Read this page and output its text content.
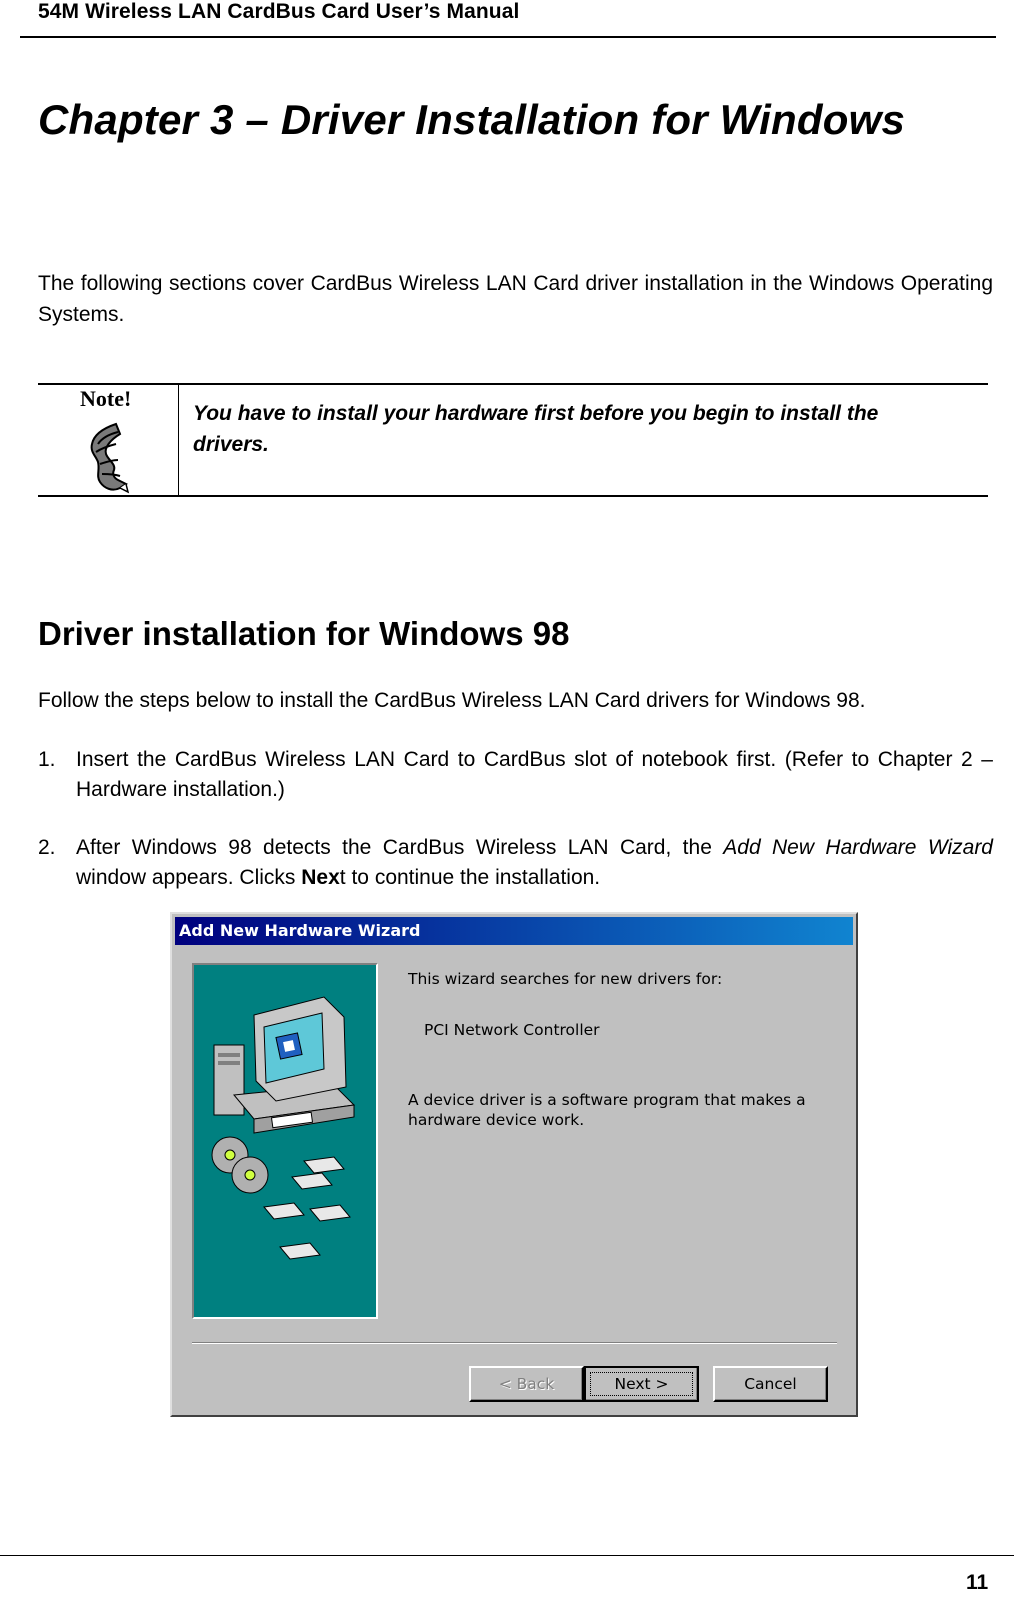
54M Wireless LAN CardBus Card User’s Manual
Chapter 3 – Driver Installation for Windows
The following sections cover CardBus Wireless LAN Card driver installation in the Windows Operating Systems.
Note!
You have to install your hardware first before you begin to install the drivers.
Driver installation for Windows 98
Follow the steps below to install the CardBus Wireless LAN Card drivers for Windows 98.
1. Insert the CardBus Wireless LAN Card to CardBus slot of notebook first. (Refer to Chapter 2 – Hardware installation.)
2. After Windows 98 detects the CardBus Wireless LAN Card, the Add New Hardware Wizard window appears. Clicks Next to continue the installation.
Add New Hardware Wizard
This wizard searches for new drivers for:
PCI Network Controller
A device driver is a software program that makes a hardware device work.
< Back	Next >	Cancel
11
